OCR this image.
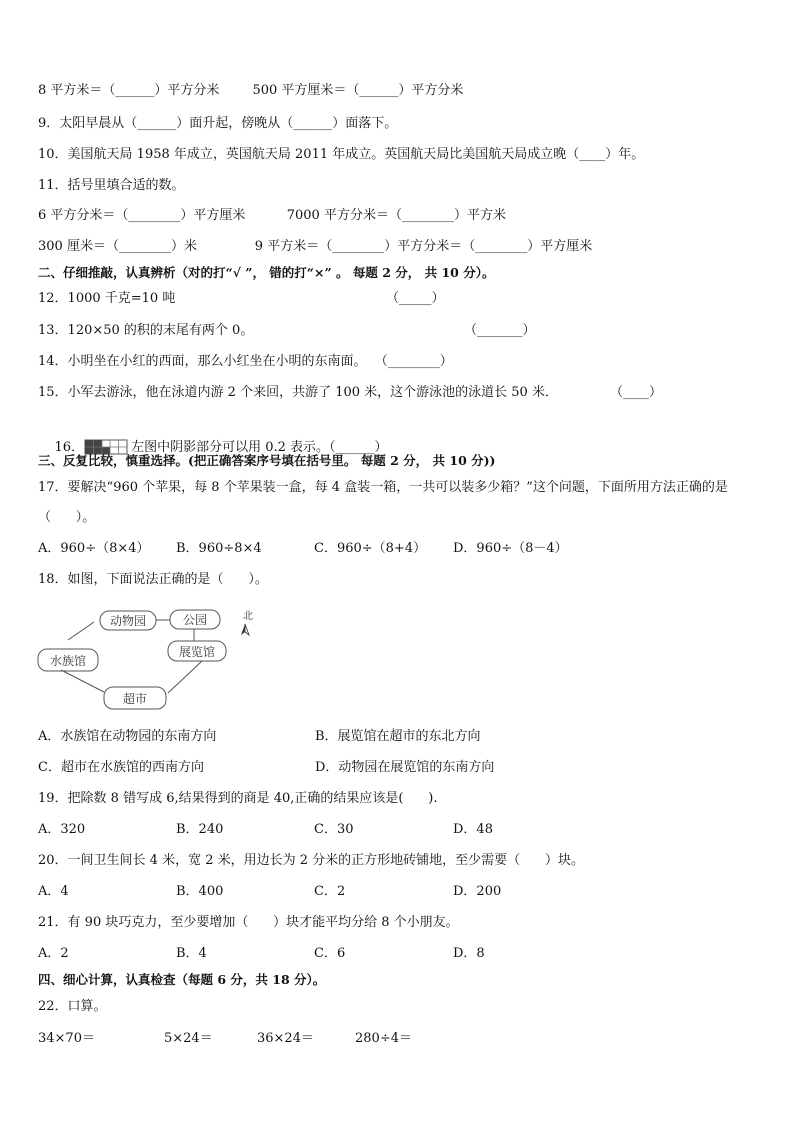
8 平方米＝（______）平方分米        500 平方厘米＝（______）平方分米
9．太阳早晨从（______）面升起，傍晚从（______）面落下。
10．美国航天局 1958 年成立，英国航天局 2011 年成立。英国航天局比美国航天局成立晚（____）年。
11．括号里填合适的数。
6 平方分米＝（________）平方厘米          7000 平方分米＝（________）平方米
300 厘米＝（________）米              9 平方米＝（________）平方分米＝（________）平方厘米
二、仔细推敲，认真辨析（对的打“√ ”， 错的打“×” 。 每题 2 分， 共 10 分）。
12．1000 千克=10 吨	（_____）
13．120×50 的积的末尾有两个 0。	（_______）
14．小明坐在小红的西面，那么小红坐在小明的东南面。  （________）
15．小军去游泳，他在泳道内游 2 个来回，共游了 100 米，这个游泳池的泳道长 50 米．	（____）

16．	左图中阴影部分可以用 0.2 表示。（______）

三、反复比较，慎重选择。(把正确答案序号填在括号里。 每题 2 分， 共 10 分))
17．要解决“960 个苹果，每 8 个苹果装一盒，每 4 盒装一箱，一共可以装多少箱？”这个问题，下面所用方法正确的是
（      ）。
A．960÷（8×4） B．960÷8×4	C．960÷（8+4） D．960÷（8－4）
18．如图，下面说法正确的是（      ）。
动物园	公园
展览馆
水族馆
超市
北
A．水族馆在动物园的东南方向	B．展览馆在超市的东北方向
C．超市在水族馆的西南方向	D．动物园在展览馆的东南方向
19．把除数 8 错写成 6,结果得到的商是 40,正确的结果应该是(      ).
A．320	B．240	C．30	D．48
20．一间卫生间长 4 米，宽 2 米，用边长为 2 分米的正方形地砖铺地，至少需要（      ）块。
A．4	B．400	C．2	D．200
21．有 90 块巧克力，至少要增加（      ）块才能平均分给 8 个小朋友。
A．2	B．4	C．6	D．8
四、细心计算，认真检查（每题 6 分，共 18 分）。
22．口算。
34×70＝	5×24＝	36×24＝	280÷4＝
